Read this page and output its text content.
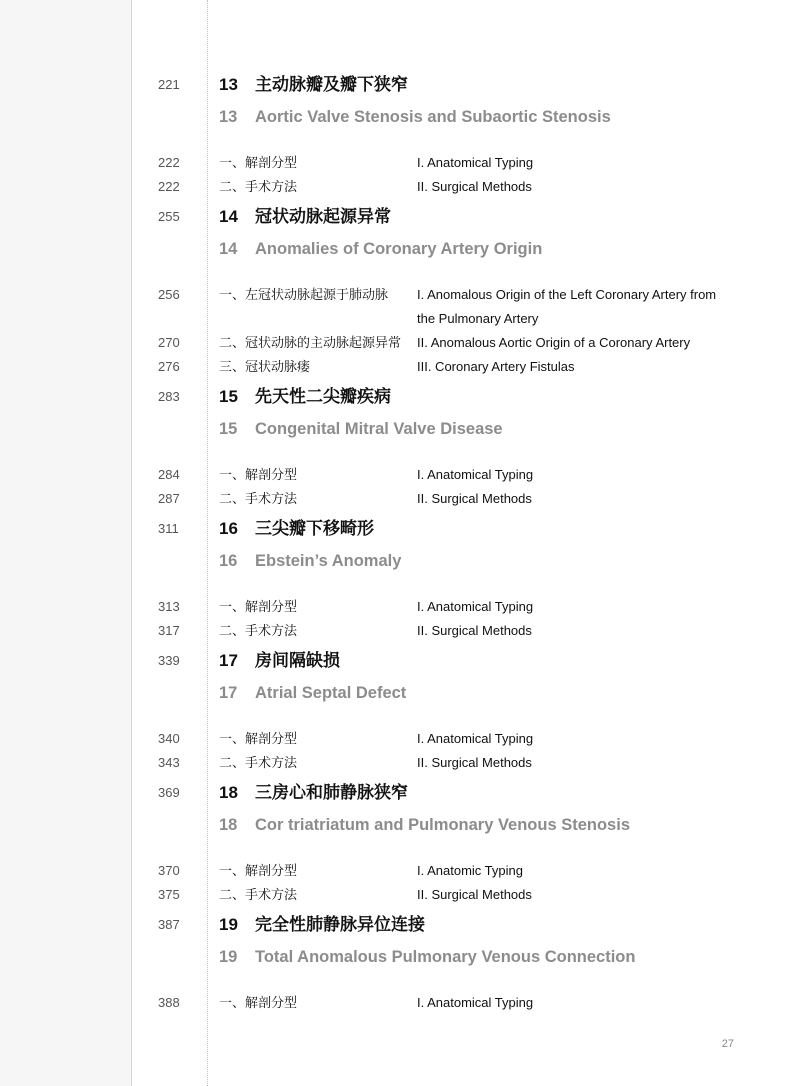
221	13 主动脉瓣及瓣下狭窄
13 Aortic Valve Stenosis and Subaortic Stenosis
222	一、解剖分型	I. Anatomical Typing
222	二、手术方法	II. Surgical Methods
255	14 冠状动脉起源异常
14 Anomalies of Coronary Artery Origin
256	一、左冠状动脉起源于肺动脉 I. Anomalous Origin of the Left Coronary Artery from the Pulmonary Artery
270	二、冠状动脉的主动脉起源异常 II. Anomalous Aortic Origin of a Coronary Artery
276	三、冠状动脉瘘	III. Coronary Artery Fistulas
283	15 先天性二尖瓣疾病
15 Congenital Mitral Valve Disease
284	一、解剖分型	I. Anatomical Typing
287	二、手术方法	II. Surgical Methods
311	16 三尖瓣下移畸形
16 Ebstein’s Anomaly
313	一、解剖分型	I. Anatomical Typing
317	二、手术方法	II. Surgical Methods
339	17 房间隔缺损
17 Atrial Septal Defect
340	一、解剖分型	I. Anatomical Typing
343	二、手术方法	II. Surgical Methods
369	18 三房心和肺静脉狭窄
18 Cor triatriatum and Pulmonary Venous Stenosis
370	一、解剖分型	I. Anatomic Typing
375	二、手术方法	II. Surgical Methods
387	19 完全性肺静脉异位连接
19 Total Anomalous Pulmonary Venous Connection
388	一、解剖分型	I. Anatomical Typing
27
